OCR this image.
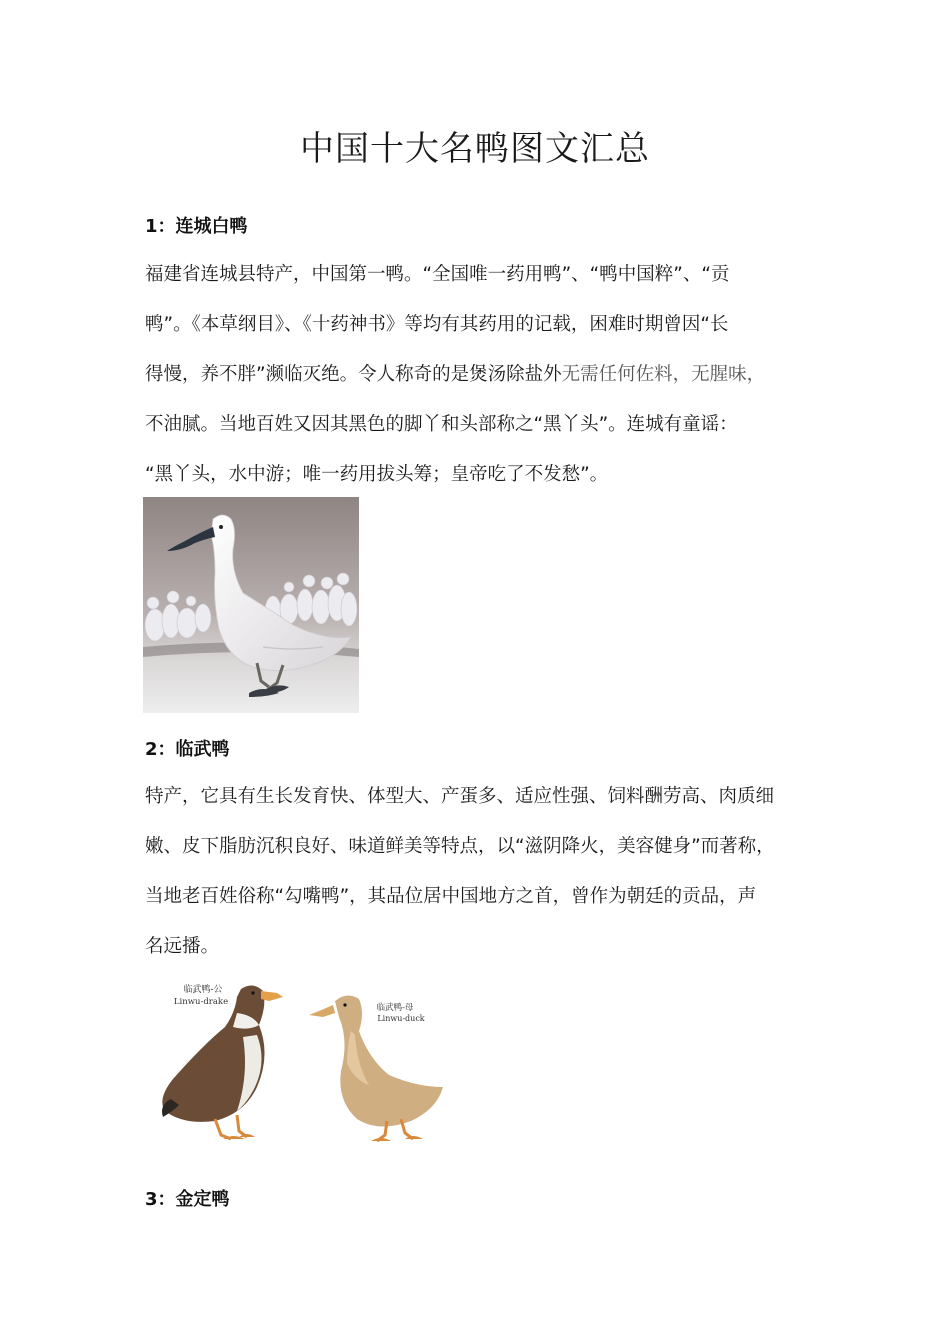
中国十大名鸭图文汇总
1：连城白鸭
福建省连城县特产，中国第一鸭。“全国唯一药用鸭”、“鸭中国粹”、“贡
鸭”。《本草纲目》、《十药神书》等均有其药用的记载，困难时期曾因“长
得慢，养不胖”濒临灭绝。令人称奇的是煲汤除盐外无需任何佐料，无腥味，
不油腻。当地百姓又因其黑色的脚丫和头部称之“黑丫头”。连城有童谣：
“黑丫头，水中游；唯一药用拔头筹；皇帝吃了不发愁”。
2：临武鸭
特产，它具有生长发育快、体型大、产蛋多、适应性强、饲料酬劳高、肉质细
嫩、皮下脂肪沉积良好、味道鲜美等特点，以“滋阴降火，美容健身”而著称，
当地老百姓俗称“勾嘴鸭”，其品位居中国地方之首，曾作为朝廷的贡品，声
名远播。
临武鸭-公
Linwu-drake
临武鸭-母
Linwu-duck
3：金定鸭
